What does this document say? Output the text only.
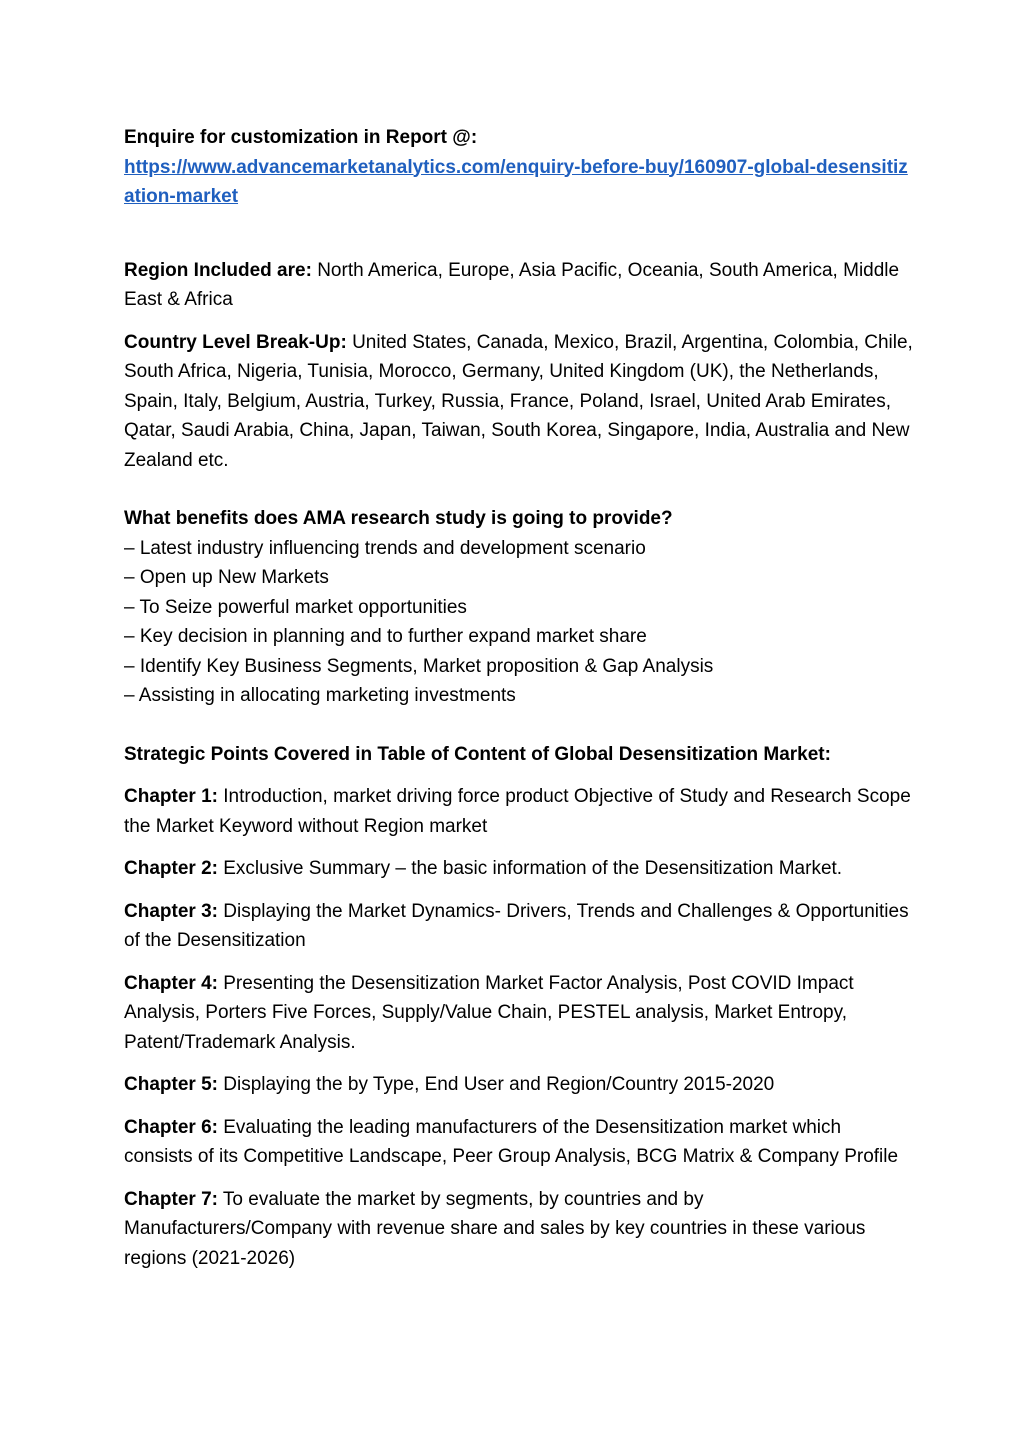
Enquire for customization in Report @:

https://www.advancemarketanalytics.com/enquiry-before-buy/160907-global-desensitization-market

Region Included are: North America, Europe, Asia Pacific, Oceania, South America, Middle East & Africa

Country Level Break-Up: United States, Canada, Mexico, Brazil, Argentina, Colombia, Chile, South Africa, Nigeria, Tunisia, Morocco, Germany, United Kingdom (UK), the Netherlands, Spain, Italy, Belgium, Austria, Turkey, Russia, France, Poland, Israel, United Arab Emirates, Qatar, Saudi Arabia, China, Japan, Taiwan, South Korea, Singapore, India, Australia and New Zealand etc.

What benefits does AMA research study is going to provide?

– Latest industry influencing trends and development scenario
– Open up New Markets
– To Seize powerful market opportunities
– Key decision in planning and to further expand market share
– Identify Key Business Segments, Market proposition & Gap Analysis
– Assisting in allocating marketing investments

Strategic Points Covered in Table of Content of Global Desensitization Market:

Chapter 1: Introduction, market driving force product Objective of Study and Research Scope the Market Keyword without Region market

Chapter 2: Exclusive Summary – the basic information of the Desensitization Market.

Chapter 3: Displaying the Market Dynamics- Drivers, Trends and Challenges & Opportunities of the Desensitization

Chapter 4: Presenting the Desensitization Market Factor Analysis, Post COVID Impact Analysis, Porters Five Forces, Supply/Value Chain, PESTEL analysis, Market Entropy, Patent/Trademark Analysis.

Chapter 5: Displaying the by Type, End User and Region/Country 2015-2020

Chapter 6: Evaluating the leading manufacturers of the Desensitization market which consists of its Competitive Landscape, Peer Group Analysis, BCG Matrix & Company Profile

Chapter 7: To evaluate the market by segments, by countries and by Manufacturers/Company with revenue share and sales by key countries in these various regions (2021-2026)
